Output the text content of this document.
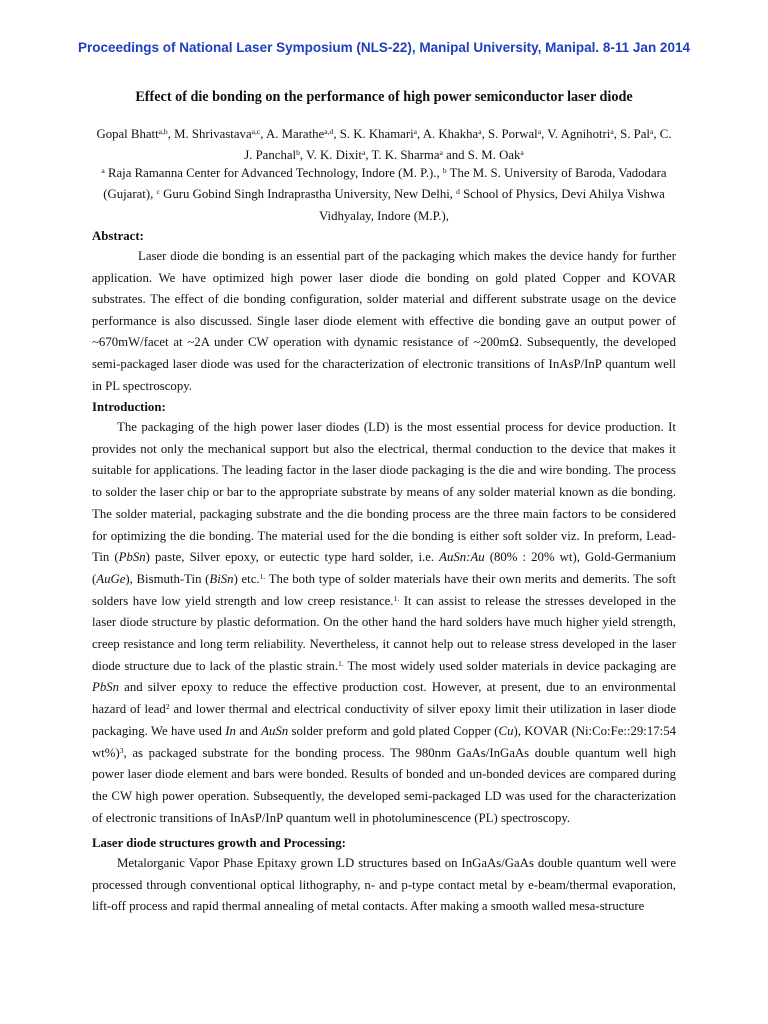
Proceedings of National Laser Symposium (NLS-22), Manipal University, Manipal. 8-11 Jan 2014
Effect of die bonding on the performance of high power semiconductor laser diode
Gopal Bhatt$^{a,b}$, M. Shrivastava$^{a,c}$, A. Marathe$^{a,d}$, S. K. Khamari$^a$, A. Khakha$^a$, S. Porwal$^a$, V. Agnihotri$^a$, S. Pal$^a$, C. J. Panchal$^b$, V. K. Dixit$^a$, T. K. Sharma$^a$ and S. M. Oak$^a$
$^a$ Raja Ramanna Center for Advanced Technology, Indore (M. P.)., $^b$ The M. S. University of Baroda, Vadodara (Gujarat), $^c$ Guru Gobind Singh Indraprastha University, New Delhi, $^d$ School of Physics, Devi Ahilya Vishwa Vidhyalay, Indore (M.P.),
Abstract:
Laser diode die bonding is an essential part of the packaging which makes the device handy for further application. We have optimized high power laser diode die bonding on gold plated Copper and KOVAR substrates. The effect of die bonding configuration, solder material and different substrate usage on the device performance is also discussed. Single laser diode element with effective die bonding gave an output power of ~670mW/facet at ~2A under CW operation with dynamic resistance of ~200mΩ. Subsequently, the developed semi-packaged laser diode was used for the characterization of electronic transitions of InAsP/InP quantum well in PL spectroscopy.
Introduction:
The packaging of the high power laser diodes (LD) is the most essential process for device production. It provides not only the mechanical support but also the electrical, thermal conduction to the device that makes it suitable for applications. The leading factor in the laser diode packaging is the die and wire bonding. The process to solder the laser chip or bar to the appropriate substrate by means of any solder material known as die bonding. The solder material, packaging substrate and the die bonding process are the three main factors to be considered for optimizing the die bonding. The material used for the die bonding is either soft solder viz. In preform, Lead-Tin (PbSn) paste, Silver epoxy, or eutectic type hard solder, i.e. AuSn:Au (80% : 20% wt), Gold-Germanium (AuGe), Bismuth-Tin (BiSn) etc.$^{1.}$ The both type of solder materials have their own merits and demerits. The soft solders have low yield strength and low creep resistance.$^{1.}$ It can assist to release the stresses developed in the laser diode structure by plastic deformation. On the other hand the hard solders have much higher yield strength, creep resistance and long term reliability. Nevertheless, it cannot help out to release stress developed in the laser diode structure due to lack of the plastic strain.$^{1.}$ The most widely used solder materials in device packaging are PbSn and silver epoxy to reduce the effective production cost. However, at present, due to an environmental hazard of lead$^2$ and lower thermal and electrical conductivity of silver epoxy limit their utilization in laser diode packaging. We have used In and AuSn solder preform and gold plated Copper (Cu), KOVAR (Ni:Co:Fe::29:17:54 wt%)$^3$, as packaged substrate for the bonding process. The 980nm GaAs/InGaAs double quantum well high power laser diode element and bars were bonded. Results of bonded and un-bonded devices are compared during the CW high power operation. Subsequently, the developed semi-packaged LD was used for the characterization of electronic transitions of InAsP/InP quantum well in photoluminescence (PL) spectroscopy.
Laser diode structures growth and Processing:
Metalorganic Vapor Phase Epitaxy grown LD structures based on InGaAs/GaAs double quantum well were processed through conventional optical lithography, n- and p-type contact metal by e-beam/thermal evaporation, lift-off process and rapid thermal annealing of metal contacts. After making a smooth walled mesa-structure
